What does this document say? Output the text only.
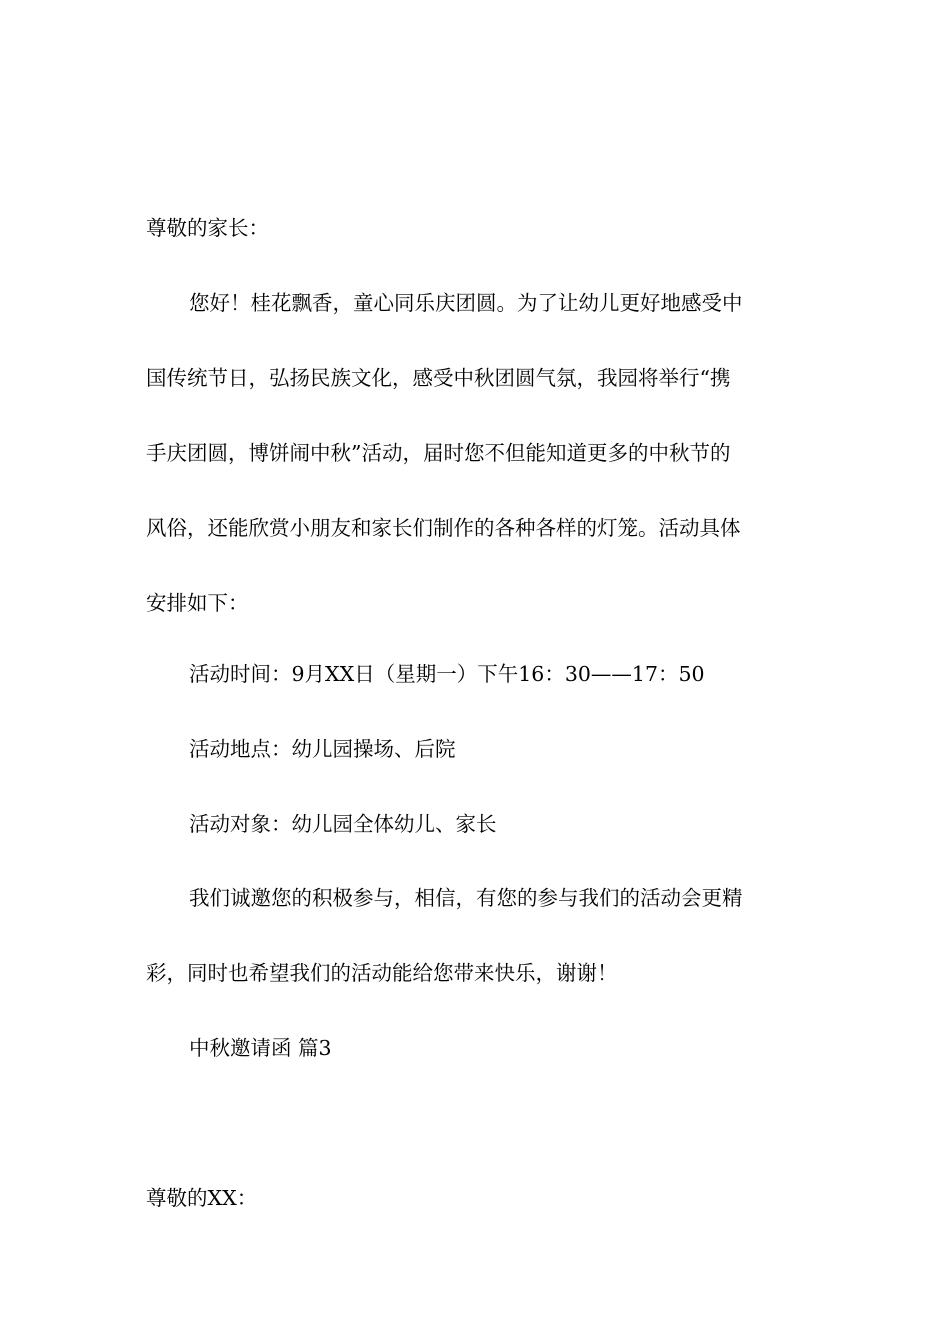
尊敬的家长：
您好！桂花飘香，童心同乐庆团圆。为了让幼儿更好地感受中
国传统节日，弘扬民族文化，感受中秋团圆气氛，我园将举行“携
手庆团圆，博饼闹中秋”活动，届时您不但能知道更多的中秋节的
风俗，还能欣赏小朋友和家长们制作的各种各样的灯笼。活动具体
安排如下：
活动时间：9月XX日（星期一）下午16：30——17：50
活动地点：幼儿园操场、后院
活动对象：幼儿园全体幼儿、家长
我们诚邀您的积极参与，相信，有您的参与我们的活动会更精
彩，同时也希望我们的活动能给您带来快乐，谢谢！
中秋邀请函 篇3
尊敬的XX：
